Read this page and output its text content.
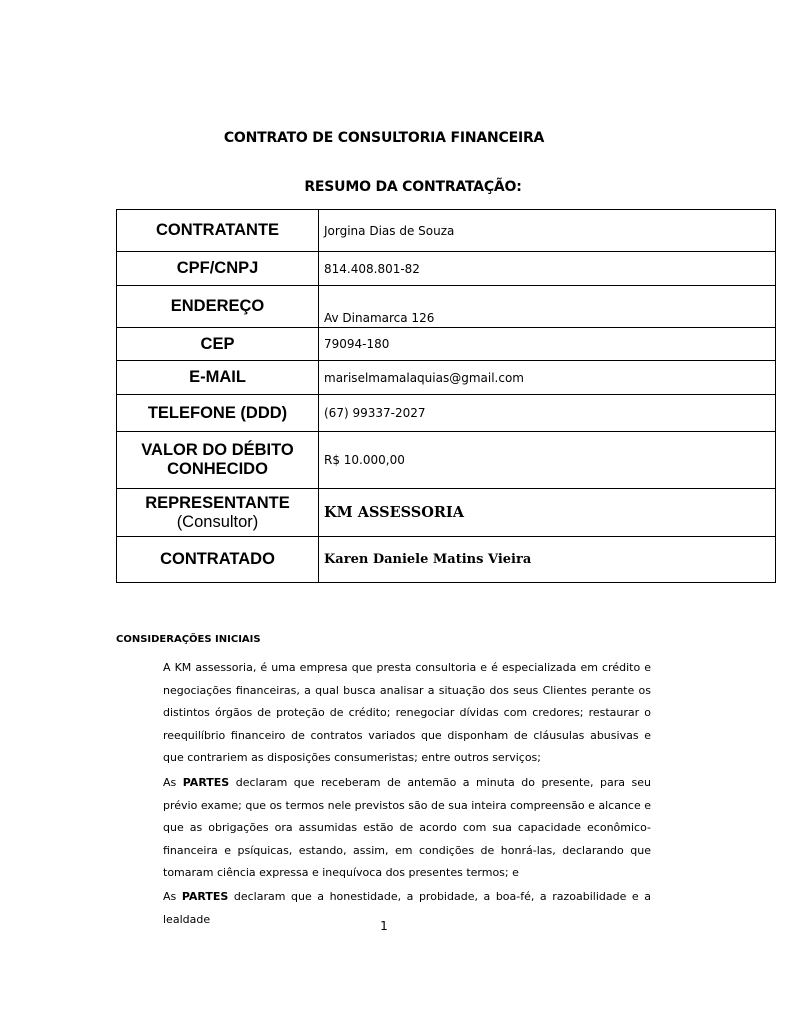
CONTRATO DE CONSULTORIA FINANCEIRA
RESUMO DA CONTRATAÇÃO:
CONTRATANTE	Jorgina Dias de Souza
CPF/CNPJ	814.408.801-82
ENDEREÇO	Av Dinamarca 126
CEP	79094-180
E-MAIL	mariselmamalaquias@gmail.com
TELEFONE (DDD)	(67) 99337-2027

VALOR DO DÉBITO
CONHECIDO	R$ 10.000,00

REPRESENTANTE
(Consultor)	KM ASSESSORIA
CONTRATADO	Karen Daniele Matins Vieira
CONSIDERAÇÕES INICIAIS
A KM assessoria, é uma empresa que presta consultoria e é especializada em crédito e negociações financeiras, a qual busca analisar a situação dos seus Clientes perante os distintos órgãos de proteção de crédito; renegociar dívidas com credores; restaurar o reequilíbrio financeiro de contratos variados que disponham de cláusulas abusivas e que contrariem as disposições consumeristas; entre outros serviços;
As PARTES declaram que receberam de antemão a minuta do presente, para seu prévio exame; que os termos nele previstos são de sua inteira compreensão e alcance e que as obrigações ora assumidas estão de acordo com sua capacidade econômico-financeira e psíquicas, estando, assim, em condições de honrá-las, declarando que tomaram ciência expressa e inequívoca dos presentes termos; e
As PARTES declaram que a honestidade, a probidade, a boa-fé, a razoabilidade e a lealdade	1
